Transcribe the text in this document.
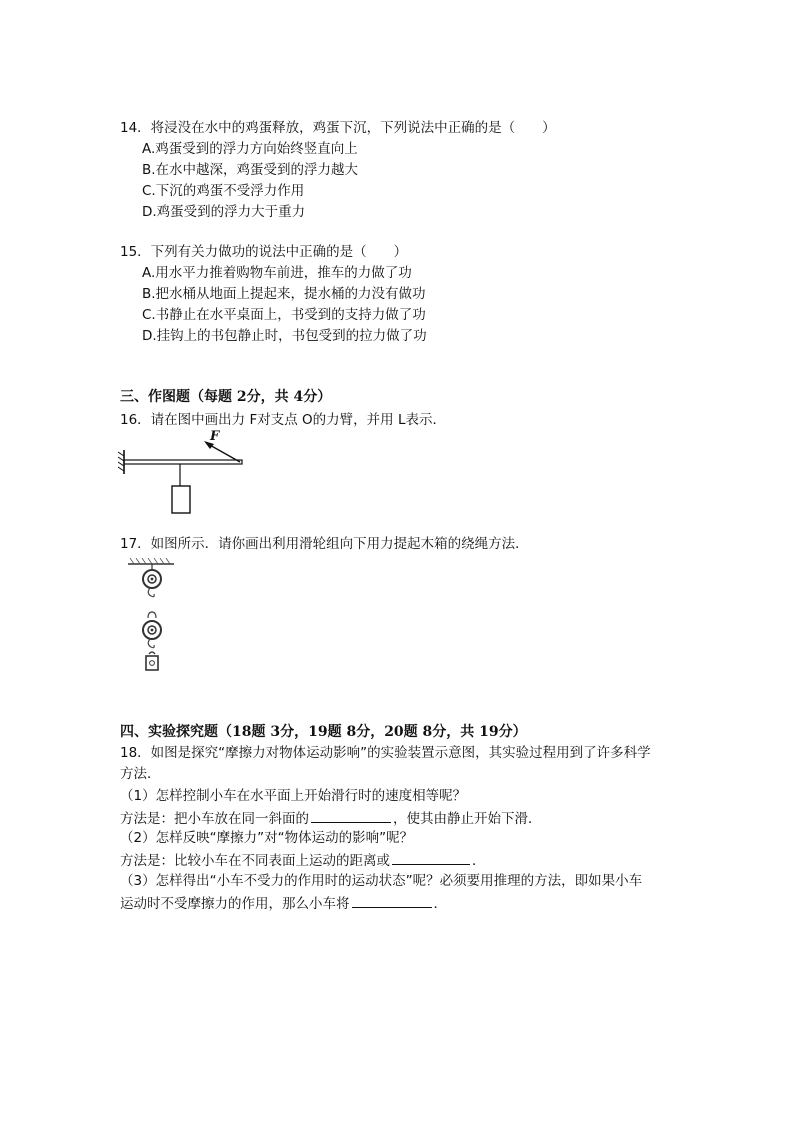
14．将浸没在水中的鸡蛋释放，鸡蛋下沉，下列说法中正确的是（　　）
A.鸡蛋受到的浮力方向始终竖直向上
B.在水中越深，鸡蛋受到的浮力越大
C.下沉的鸡蛋不受浮力作用
D.鸡蛋受到的浮力大于重力
15．下列有关力做功的说法中正确的是（　　）
A.用水平力推着购物车前进，推车的力做了功
B.把水桶从地面上提起来，提水桶的力没有做功
C.书静止在水平桌面上，书受到的支持力做了功
D.挂钩上的书包静止时，书包受到的拉力做了功
三、作图题（每题 2分，共 4分）
16．请在图中画出力 F对支点 O的力臂，并用 L表示．
F
17．如图所示．请你画出利用滑轮组向下用力提起木箱的绕绳方法．
四、实验探究题（18题 3分，19题 8分，20题 8分，共 19分）
18．如图是探究“摩擦力对物体运动影响”的实验装置示意图，其实验过程用到了许多科学
方法．
（1）怎样控制小车在水平面上开始滑行时的速度相等呢？
方法是：把小车放在同一斜面的	，使其由静止开始下滑．
（2）怎样反映“摩擦力”对“物体运动的影响”呢？
方法是：比较小车在不同表面上运动的距离或	．
（3）怎样得出“小车不受力的作用时的运动状态”呢？必须要用推理的方法，即如果小车
运动时不受摩擦力的作用，那么小车将	．
